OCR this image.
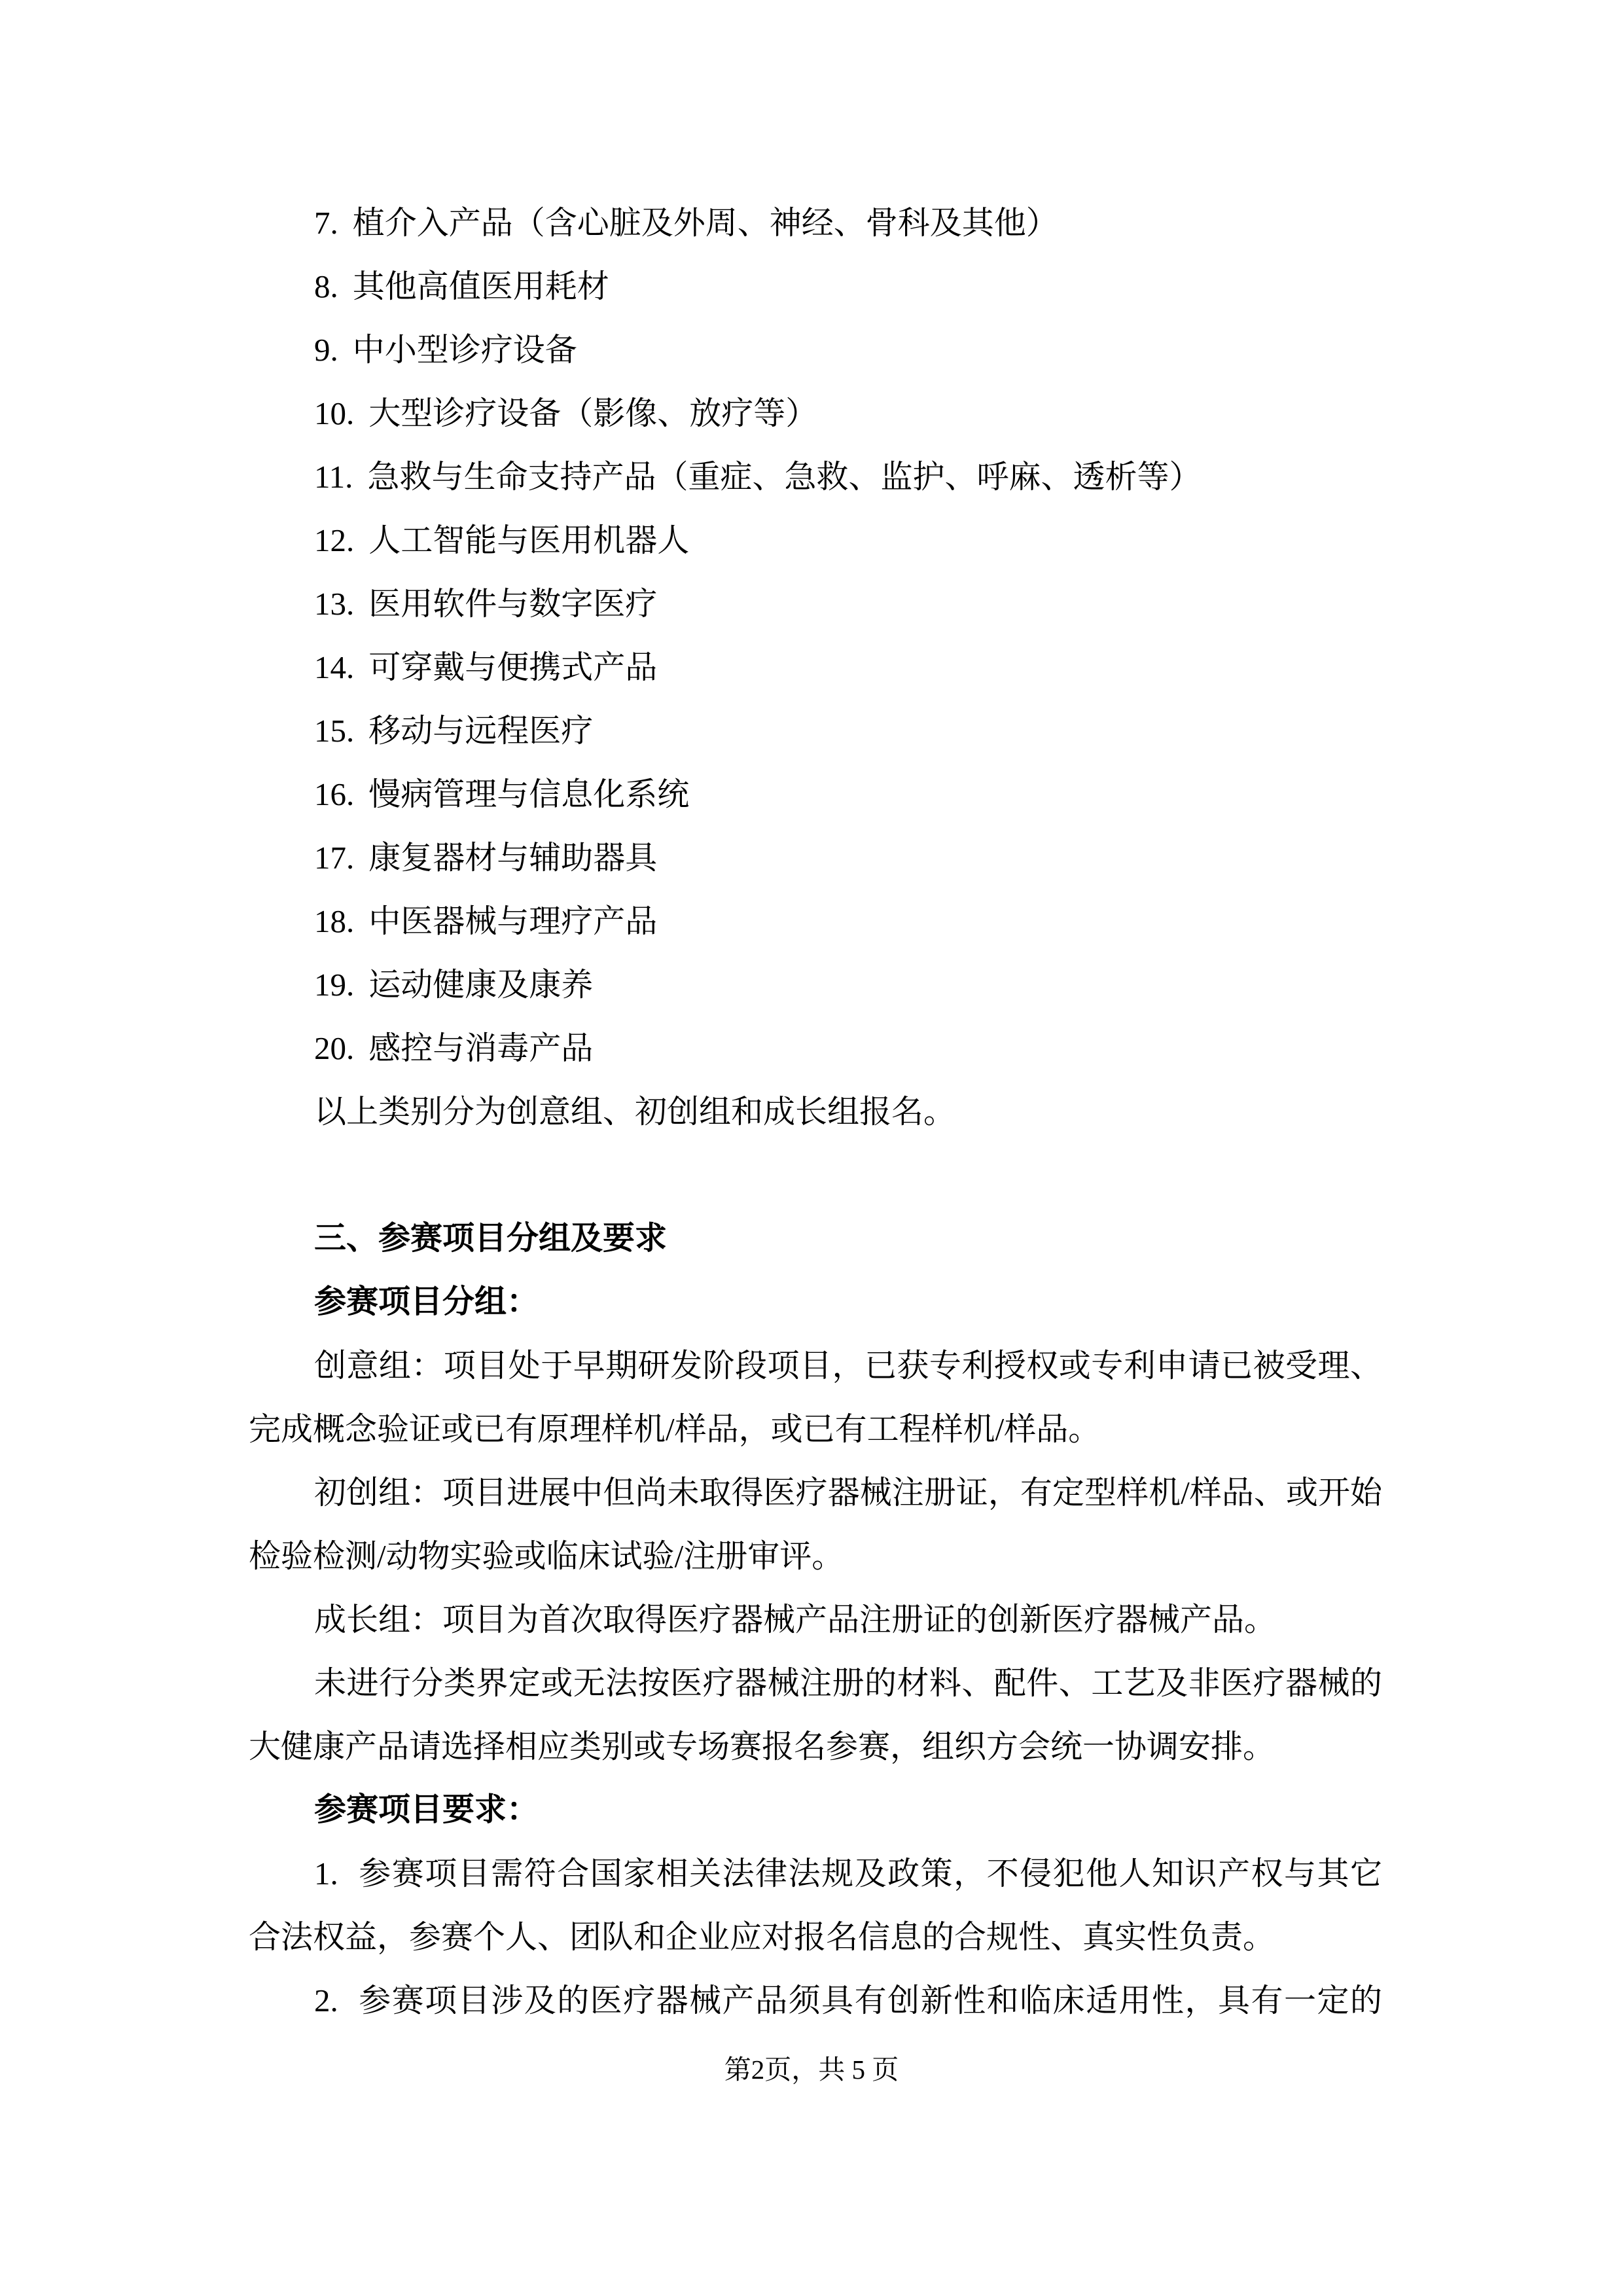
7. 植介入产品（含心脏及外周、神经、骨科及其他）
8. 其他高值医用耗材
9. 中小型诊疗设备
10. 大型诊疗设备（影像、放疗等）
11. 急救与生命支持产品（重症、急救、监护、呼麻、透析等）
12. 人工智能与医用机器人
13. 医用软件与数字医疗
14. 可穿戴与便携式产品
15. 移动与远程医疗
16. 慢病管理与信息化系统
17. 康复器材与辅助器具
18. 中医器械与理疗产品
19. 运动健康及康养
20. 感控与消毒产品
以上类别分为创意组、初创组和成长组报名。
三、参赛项目分组及要求
参赛项目分组：
创意组：项目处于早期研发阶段项目，已获专利授权或专利申请已被受理、
完成概念验证或已有原理样机/样品，或已有工程样机/样品。
初创组：项目进展中但尚未取得医疗器械注册证，有定型样机/样品、或开始
检验检测/动物实验或临床试验/注册审评。
成长组：项目为首次取得医疗器械产品注册证的创新医疗器械产品。
未进行分类界定或无法按医疗器械注册的材料、配件、工艺及非医疗器械的
大健康产品请选择相应类别或专场赛报名参赛，组织方会统一协调安排。
参赛项目要求：
1. 参赛项目需符合国家相关法律法规及政策，不侵犯他人知识产权与其它
合法权益，参赛个人、团队和企业应对报名信息的合规性、真实性负责。
2. 参赛项目涉及的医疗器械产品须具有创新性和临床适用性，具有一定的
第2页，共 5 页
